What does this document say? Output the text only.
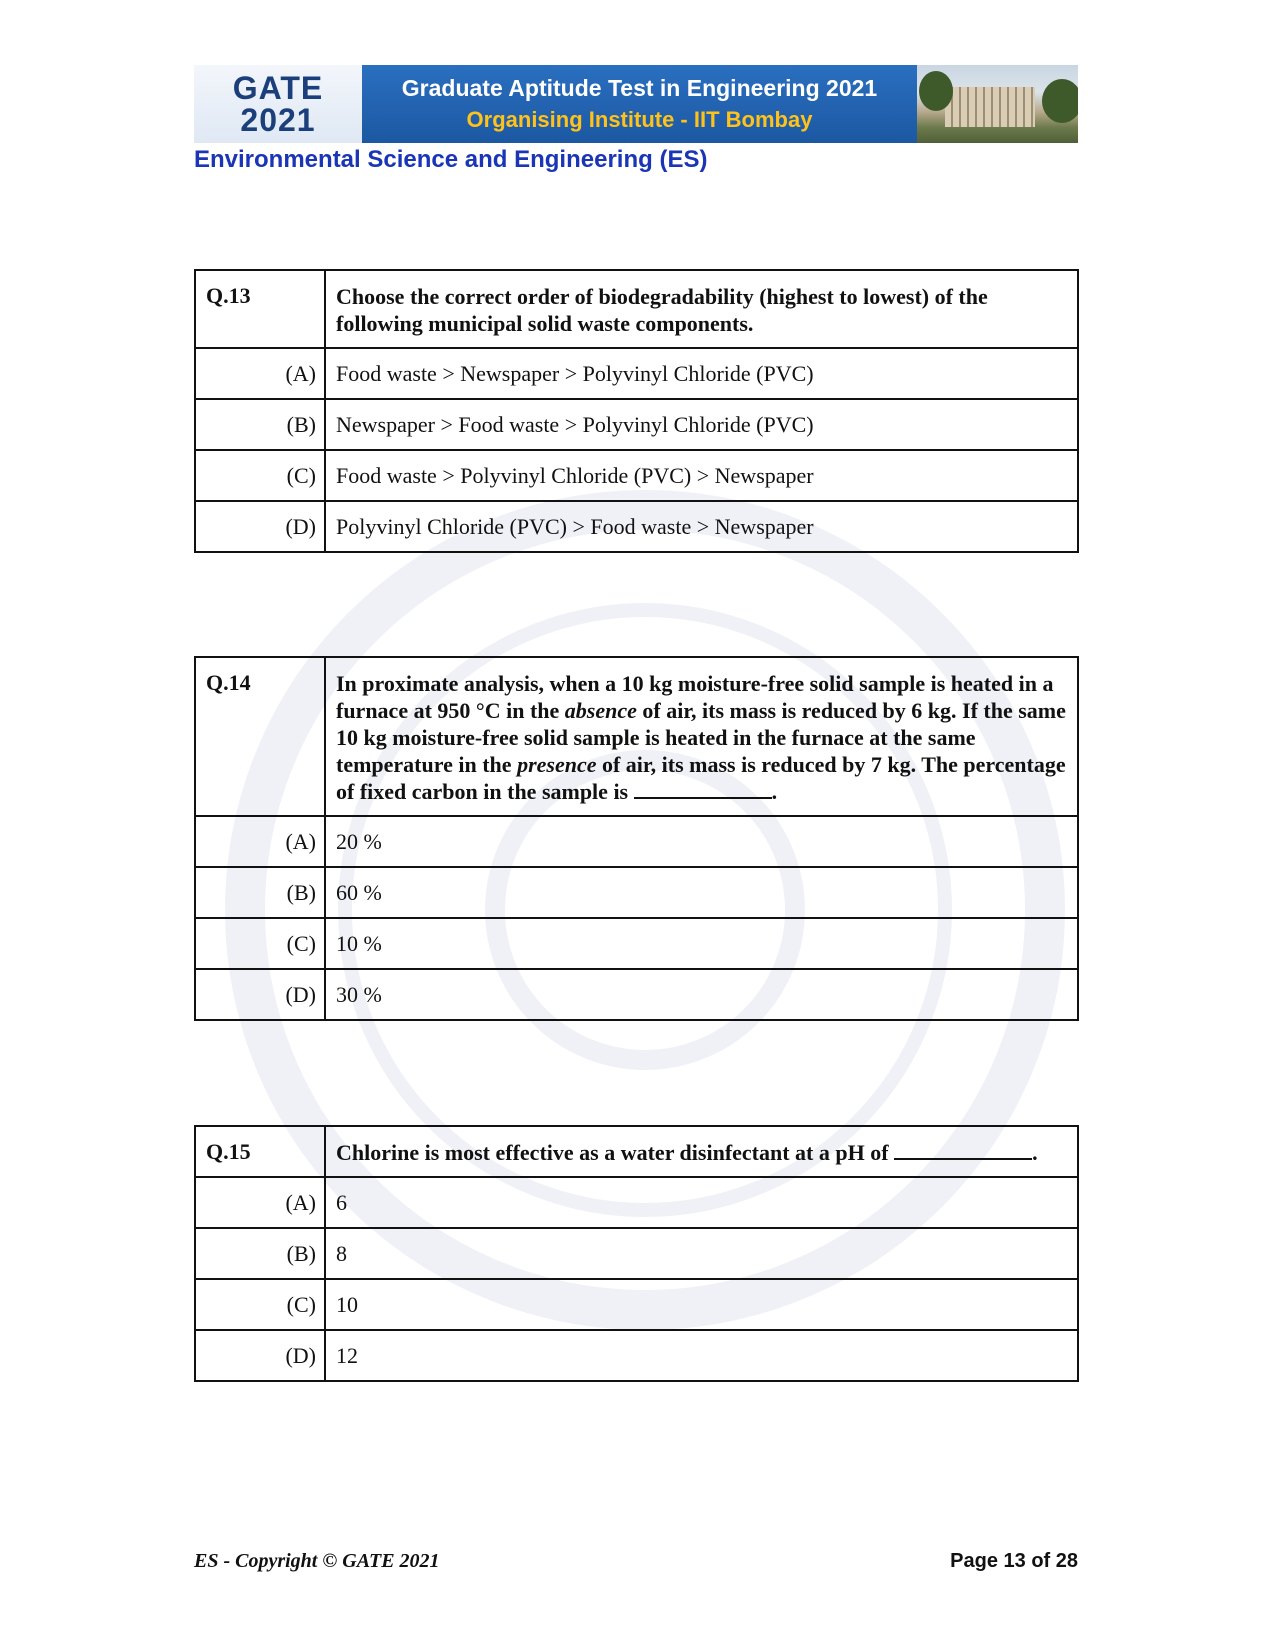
GATE
2021
Graduate Aptitude Test in Engineering 2021
Organising Institute - IIT Bombay
Environmental Science and Engineering (ES)
Q.13	Choose the correct order of biodegradability (highest to lowest) of the following municipal solid waste components.
(A)	Food waste > Newspaper > Polyvinyl Chloride (PVC)
(B)	Newspaper > Food waste > Polyvinyl Chloride (PVC)
(C)	Food waste > Polyvinyl Chloride (PVC) > Newspaper
(D)	Polyvinyl Chloride (PVC) > Food waste > Newspaper
Q.14	In proximate analysis, when a 10 kg moisture-free solid sample is heated in a furnace at 950 °C in the absence of air, its mass is reduced by 6 kg. If the same 10 kg moisture-free solid sample is heated in the furnace at the same temperature in the presence of air, its mass is reduced by 7 kg. The percentage of fixed carbon in the sample is .
(A)	20 %
(B)	60 %
(C)	10 %
(D)	30 %
Q.15	Chlorine is most effective as a water disinfectant at a pH of .
(A)	6
(B)	8
(C)	10
(D)	12
ES - Copyright © GATE 2021	Page 13 of 28
